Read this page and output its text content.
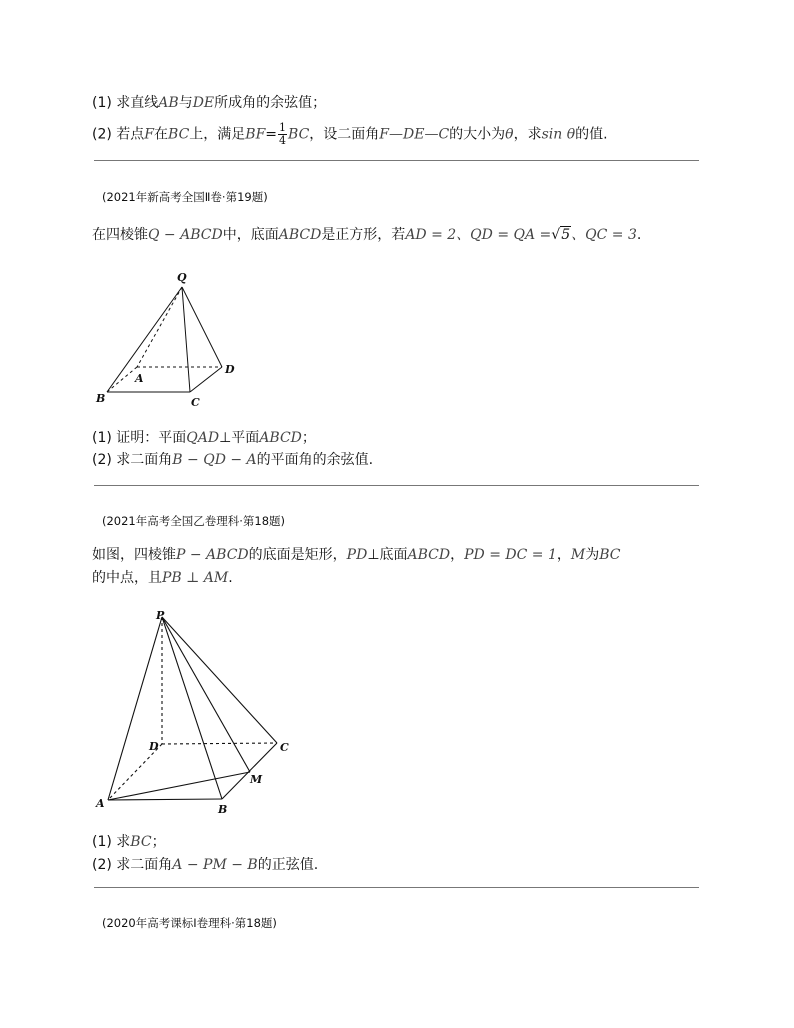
(1) 求直线AB与DE所成角的余弦值；
(2) 若点F在BC上，满足$BF= \frac{1}{4}$ BC，设二面角F—DE—C的大小为θ，求sin θ的值.
(2021年新高考全国Ⅱ卷·第19题)
在四棱锥Q − ABCD中，底面ABCD是正方形，若AD = 2、QD = QA =√5、QC = 3.
Q
A
B	C
D
(1) 证明：平面QAD⊥平面ABCD；
(2) 求二面角B − QD − A的平面角的余弦值.
(2021年高考全国乙卷理科·第18题)
如图，四棱锥P − ABCD的底面是矩形，PD⊥底面ABCD，PD = DC = 1，M为BC
的中点，且PB ⊥ AM.
P
D	C
M
A	B
(1) 求BC；
(2) 求二面角A − PM − B的正弦值.
(2020年高考课标Ⅰ卷理科·第18题)
